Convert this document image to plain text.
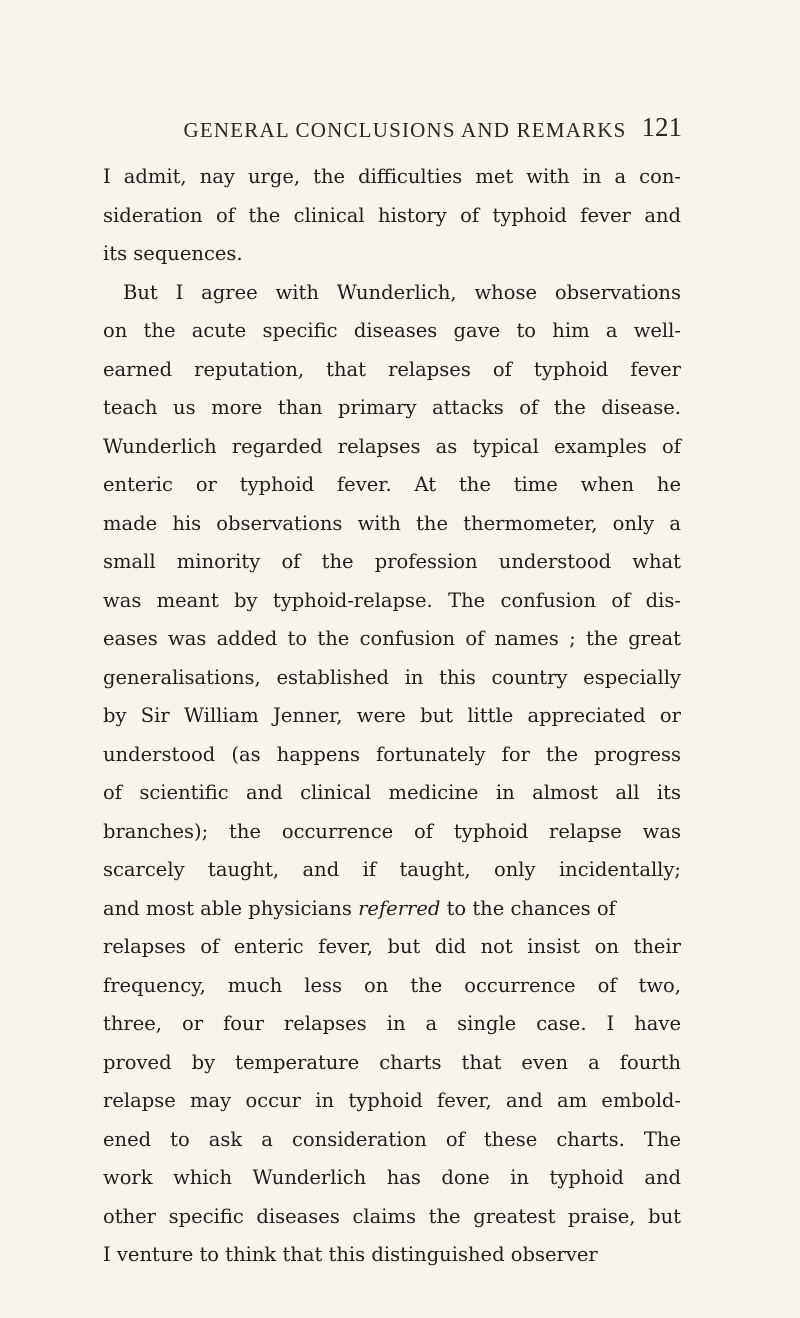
GENERAL CONCLUSIONS AND REMARKS 121
I admit, nay urge, the difficulties met with in a con-
sideration of the clinical history of typhoid fever and
its sequences.
But I agree with Wunderlich, whose observations
on the acute specific diseases gave to him a well-
earned reputation, that relapses of typhoid fever
teach us more than primary attacks of the disease.
Wunderlich regarded relapses as typical examples of
enteric or typhoid fever. At the time when he
made his observations with the thermometer, only a
small minority of the profession understood what
was meant by typhoid-relapse. The confusion of dis-
eases was added to the confusion of names ; the great
generalisations, established in this country especially
by Sir William Jenner, were but little appreciated or
understood (as happens fortunately for the progress
of scientific and clinical medicine in almost all its
branches); the occurrence of typhoid relapse was
scarcely taught, and if taught, only incidentally;
and most able physicians referred to the chances of
relapses of enteric fever, but did not insist on their
frequency, much less on the occurrence of two,
three, or four relapses in a single case. I have
proved by temperature charts that even a fourth
relapse may occur in typhoid fever, and am embold-
ened to ask a consideration of these charts. The
work which Wunderlich has done in typhoid and
other specific diseases claims the greatest praise, but
I venture to think that this distinguished observer
